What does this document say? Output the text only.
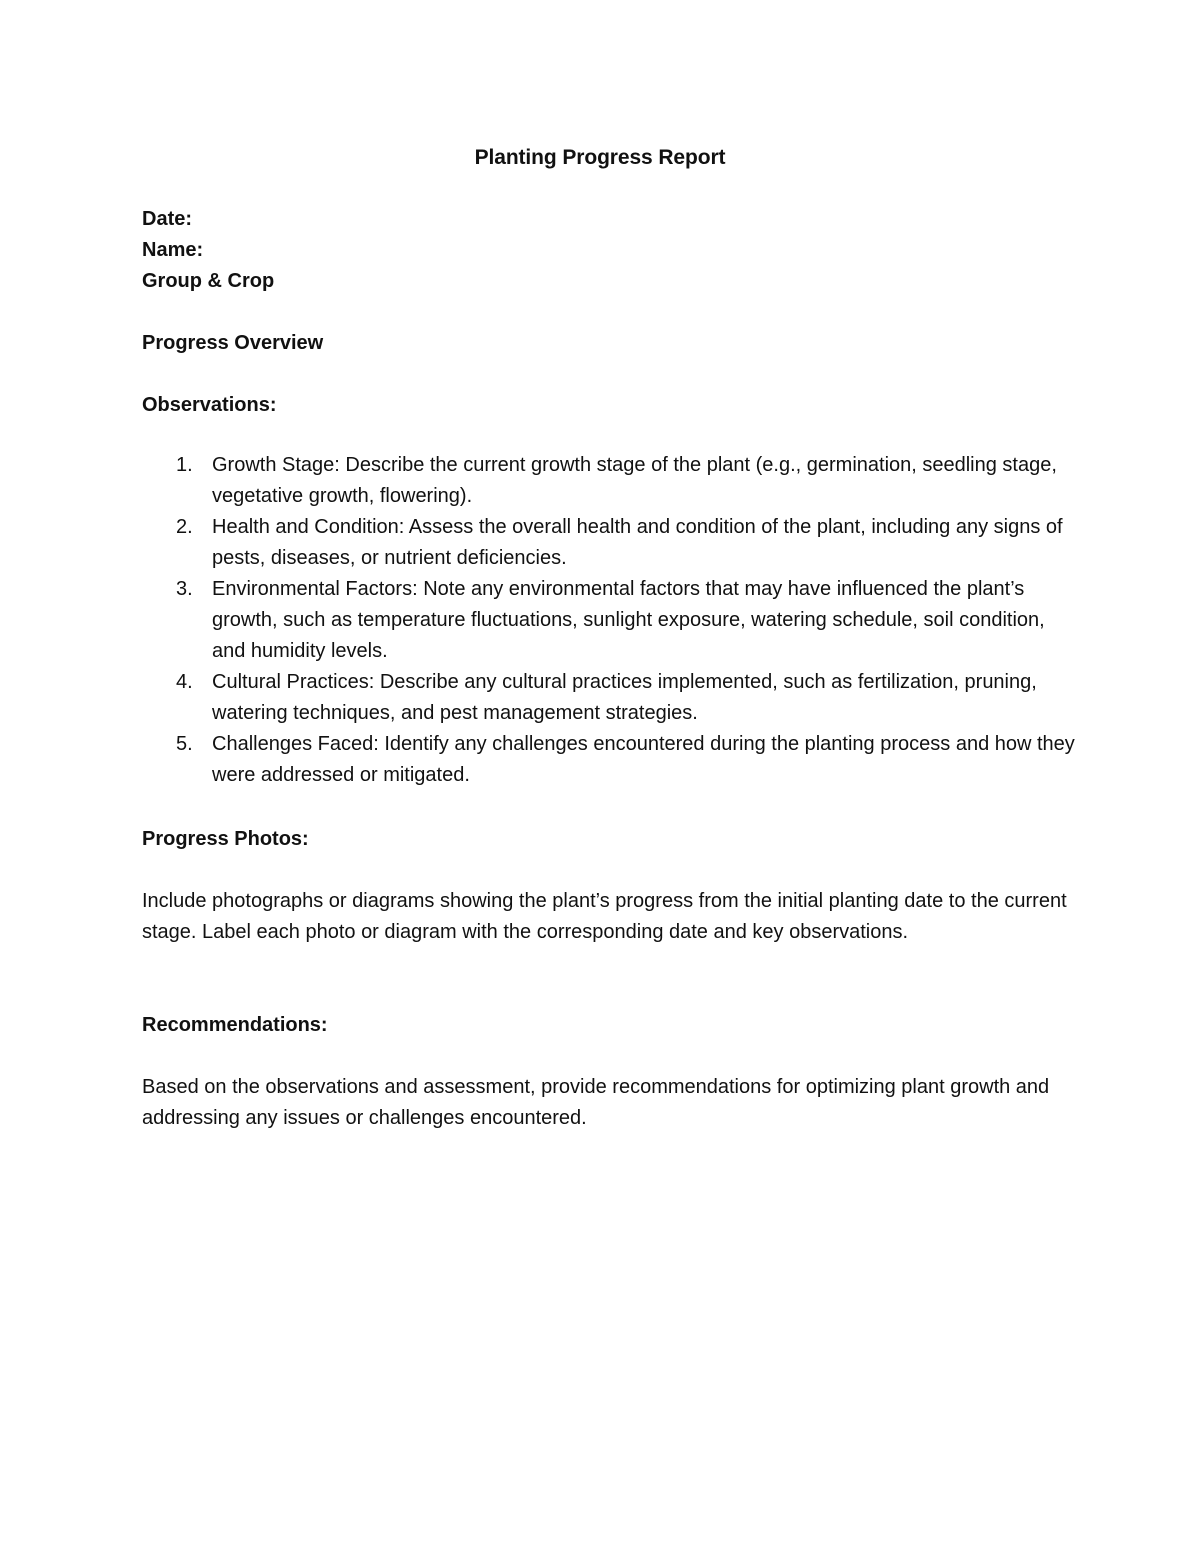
Planting Progress Report
Date:
Name:
Group & Crop
Progress Overview
Observations:
1. Growth Stage: Describe the current growth stage of the plant (e.g., germination, seedling stage, vegetative growth, flowering).
2. Health and Condition: Assess the overall health and condition of the plant, including any signs of pests, diseases, or nutrient deficiencies.
3. Environmental Factors: Note any environmental factors that may have influenced the plant’s growth, such as temperature fluctuations, sunlight exposure, watering schedule, soil condition, and humidity levels.
4. Cultural Practices: Describe any cultural practices implemented, such as fertilization, pruning, watering techniques, and pest management strategies.
5. Challenges Faced: Identify any challenges encountered during the planting process and how they were addressed or mitigated.
Progress Photos:

Include photographs or diagrams showing the plant’s progress from the initial planting date to the current stage. Label each photo or diagram with the corresponding date and key observations.

Recommendations:

Based on the observations and assessment, provide recommendations for optimizing plant growth and addressing any issues or challenges encountered.
